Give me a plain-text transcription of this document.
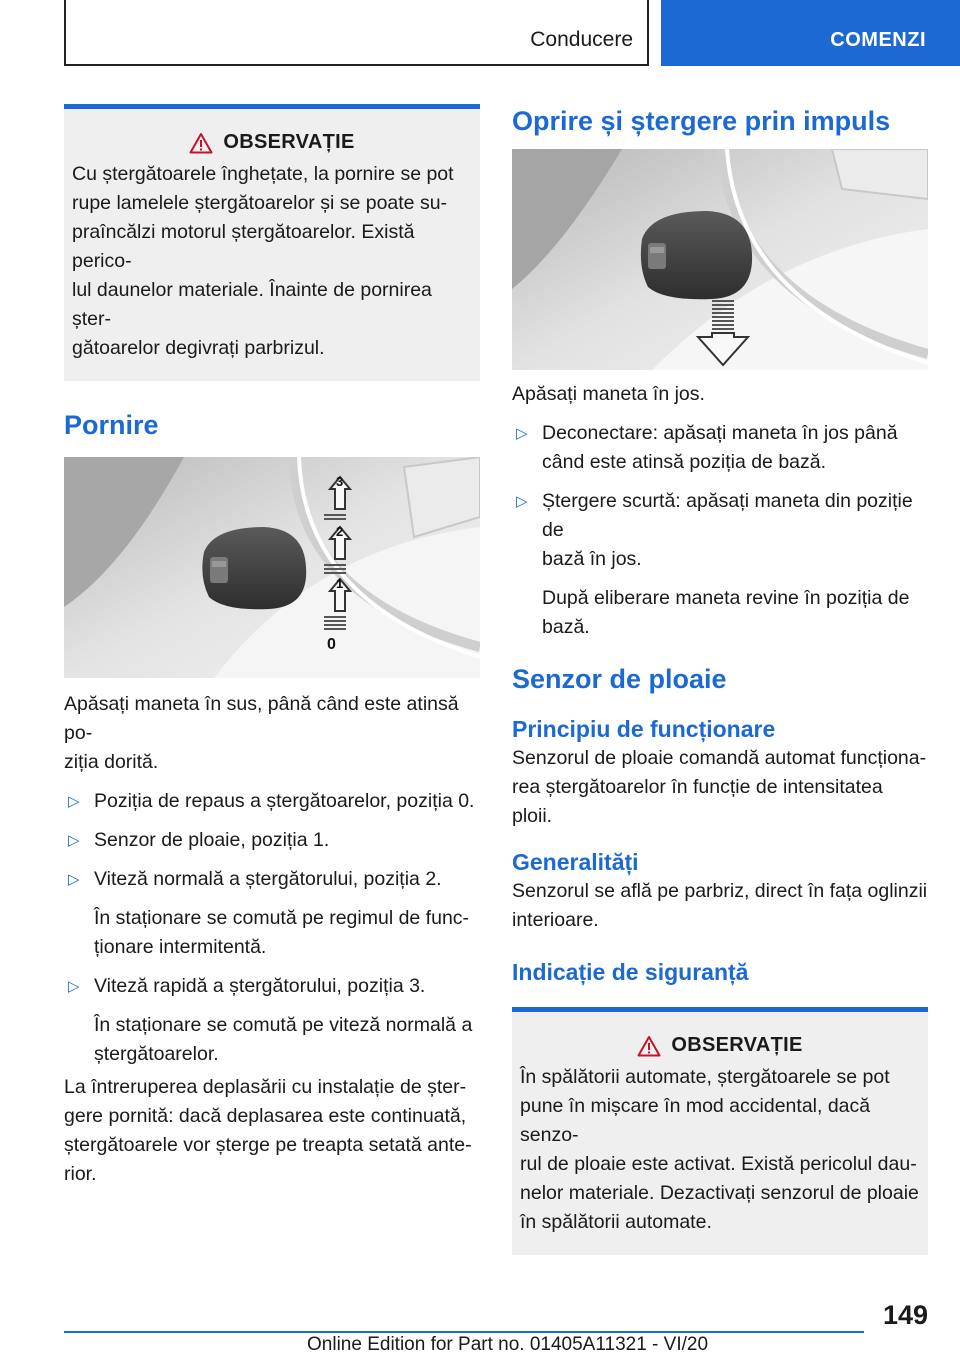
Conducere	COMENZI
OBSERVAȚIE
Cu ștergătoarele înghețate, la pornire se pot
rupe lamelele ștergătoarelor și se poate su-
praîncălzi motorul ștergătoarelor. Există perico-
lul daunelor materiale. Înainte de pornirea șter-
gătoarelor degivrați parbrizul.
Pornire
3
2
1
0
Apăsați maneta în sus, până când este atinsă po-
ziția dorită.
▷ Poziția de repaus a ștergătoarelor, poziția 0.
▷ Senzor de ploaie, poziția 1.
▷ Viteză normală a ștergătorului, poziția 2.
În staționare se comută pe regimul de func-
ționare intermitentă.
▷ Viteză rapidă a ștergătorului, poziția 3.
În staționare se comută pe viteză normală a
ștergătoarelor.
La întreruperea deplasării cu instalație de șter-
gere pornită: dacă deplasarea este continuată,
ștergătoarele vor șterge pe treapta setată ante-
rior.
Oprire și ștergere prin impuls
Apăsați maneta în jos.
▷ Deconectare: apăsați maneta în jos până
când este atinsă poziția de bază.
▷ Ștergere scurtă: apăsați maneta din poziție de
bază în jos.
După eliberare maneta revine în poziția de
bază.
Senzor de ploaie
Principiu de funcționare
Senzorul de ploaie comandă automat funcționa-
rea ștergătoarelor în funcție de intensitatea ploii.
Generalități
Senzorul se află pe parbriz, direct în fața oglinzii
interioare.
Indicație de siguranță
OBSERVAȚIE
În spălătorii automate, ștergătoarele se pot
pune în mișcare în mod accidental, dacă senzo-
rul de ploaie este activat. Există pericolul dau-
nelor materiale. Dezactivați senzorul de ploaie
în spălătorii automate.
149
Online Edition for Part no. 01405A11321 - VI/20
